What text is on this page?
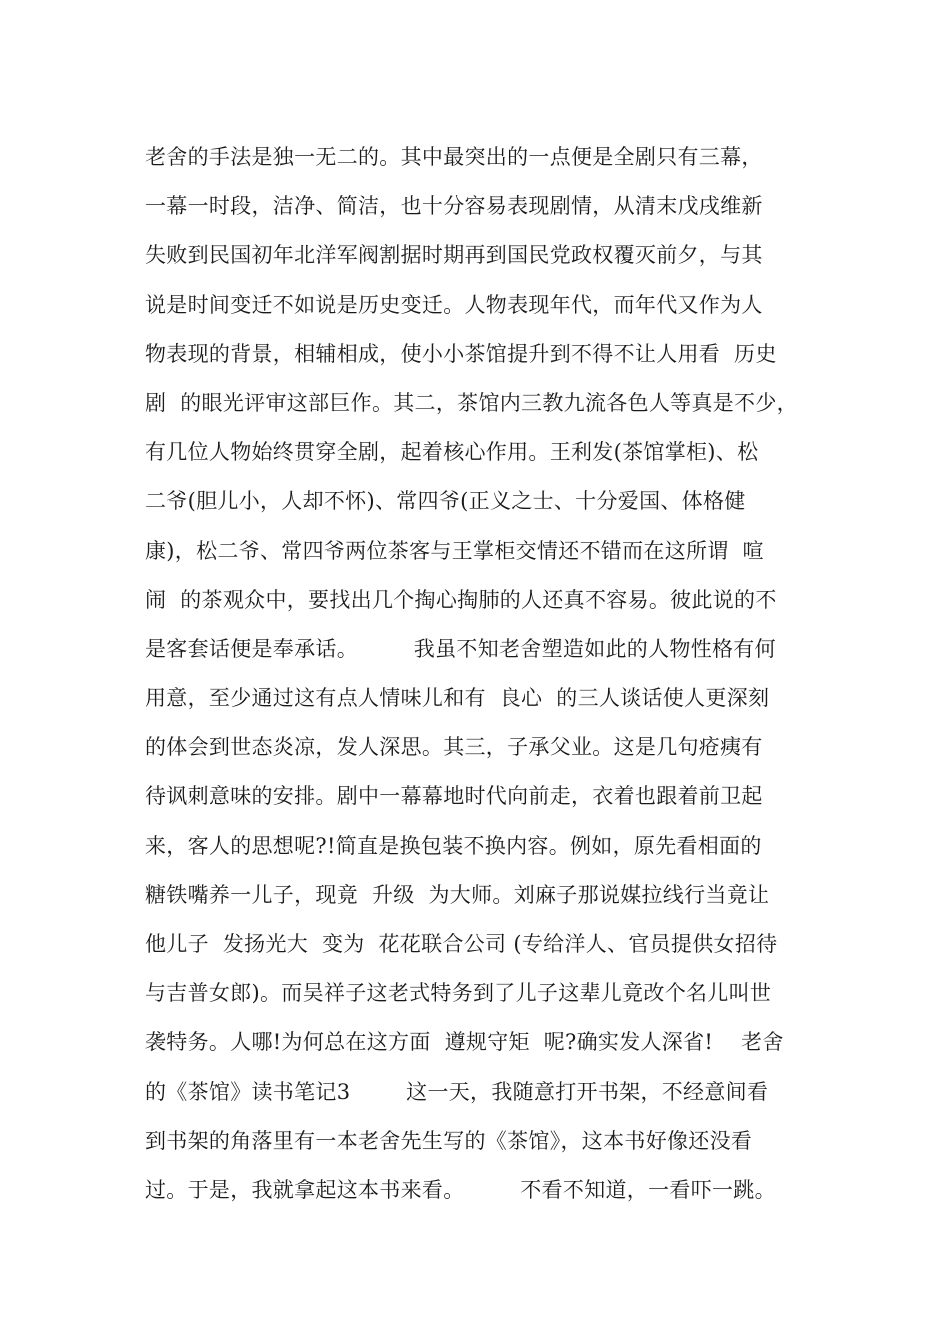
老舍的手法是独一无二的。其中最突出的一点便是全剧只有三幕，
一幕一时段，洁净、简洁，也十分容易表现剧情，从清末戊戌维新
失败到民国初年北洋军阀割据时期再到国民党政权覆灭前夕，与其
说是时间变迁不如说是历史变迁。人物表现年代，而年代又作为人
物表现的背景，相辅相成，使小小茶馆提升到不得不让人用看  历史
剧  的眼光评审这部巨作。其二，茶馆内三教九流各色人等真是不少，
有几位人物始终贯穿全剧，起着核心作用。王利发(茶馆掌柜)、松
二爷(胆儿小，人却不怀)、常四爷(正义之士、十分爱国、体格健
康)，松二爷、常四爷两位茶客与王掌柜交情还不错而在这所谓  喧
闹  的茶观众中，要找出几个掏心掏肺的人还真不容易。彼此说的不
是客套话便是奉承话。        我虽不知老舍塑造如此的人物性格有何
用意，至少通过这有点人情味儿和有  良心  的三人谈话使人更深刻
的体会到世态炎凉，发人深思。其三，子承父业。这是几句疮痍有
待讽刺意味的安排。剧中一幕幕地时代向前走，衣着也跟着前卫起
来，客人的思想呢?!简直是换包装不换内容。例如，原先看相面的
糖铁嘴养一儿子，现竟  升级  为大师。刘麻子那说媒拉线行当竟让
他儿子  发扬光大  变为  花花联合公司 (专给洋人、官员提供女招待
与吉普女郎)。而吴祥子这老式特务到了儿子这辈儿竟改个名儿叫世
袭特务。人哪!为何总在这方面  遵规守矩  呢?确实发人深省!    老舍
的《茶馆》读书笔记3        这一天，我随意打开书架，不经意间看
到书架的角落里有一本老舍先生写的《茶馆》，这本书好像还没看
过。于是，我就拿起这本书来看。        不看不知道，一看吓一跳。
